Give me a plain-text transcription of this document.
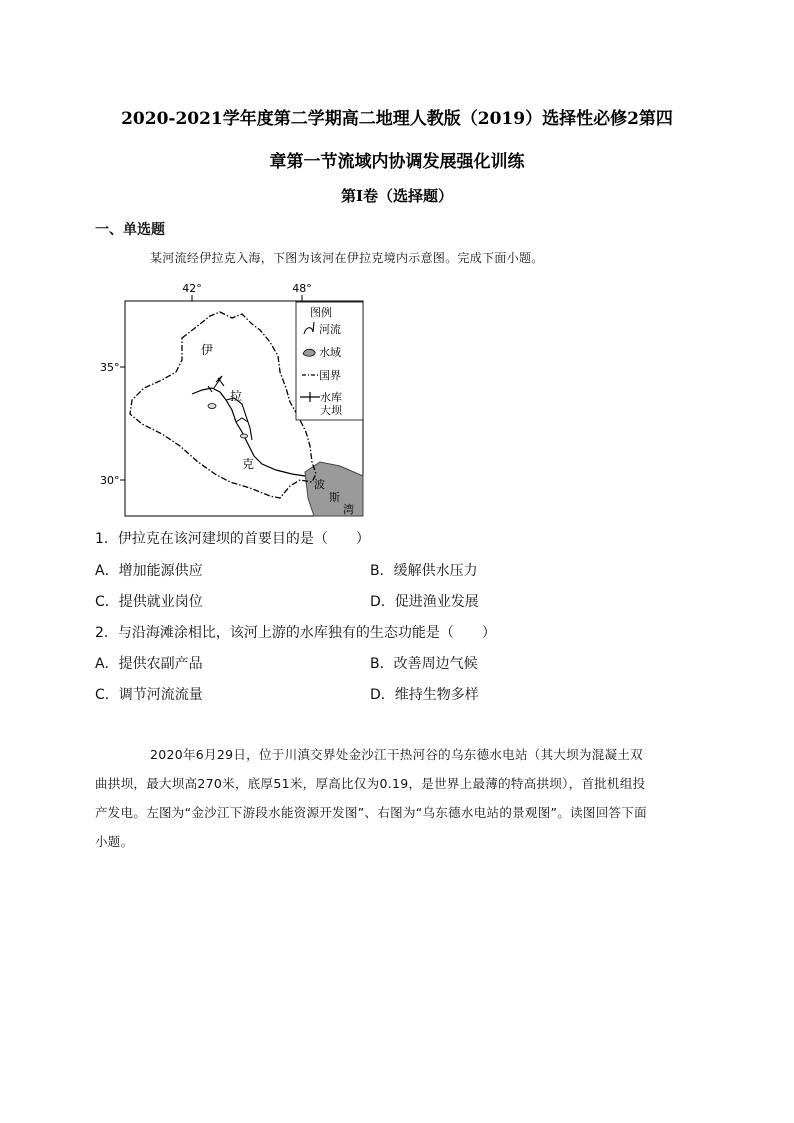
2020-2021学年度第二学期高二地理人教版（2019）选择性必修2第四
章第一节流域内协调发展强化训练
第I卷（选择题）
一、单选题
某河流经伊拉克入海，下图为该河在伊拉克境内示意图。完成下面小题。
42°	48°
35°
30°
伊
拉
克
波
斯
湾
图例
河流
水域
国界
水库
大坝
1．伊拉克在该河建坝的首要目的是（　　）
A．增加能源供应	B．缓解供水压力
C．提供就业岗位	D．促进渔业发展
2．与沿海滩涂相比，该河上游的水库独有的生态功能是（　　）
A．提供农副产品	B．改善周边气候
C．调节河流流量	D．维持生物多样
2020年6月29日，位于川滇交界处金沙江干热河谷的乌东德水电站（其大坝为混凝土双
曲拱坝，最大坝高270米，底厚51米，厚高比仅为0.19，是世界上最薄的特高拱坝），首批机组投
产发电。左图为“金沙江下游段水能资源开发图”、右图为“乌东德水电站的景观图”。读图回答下面
小题。
